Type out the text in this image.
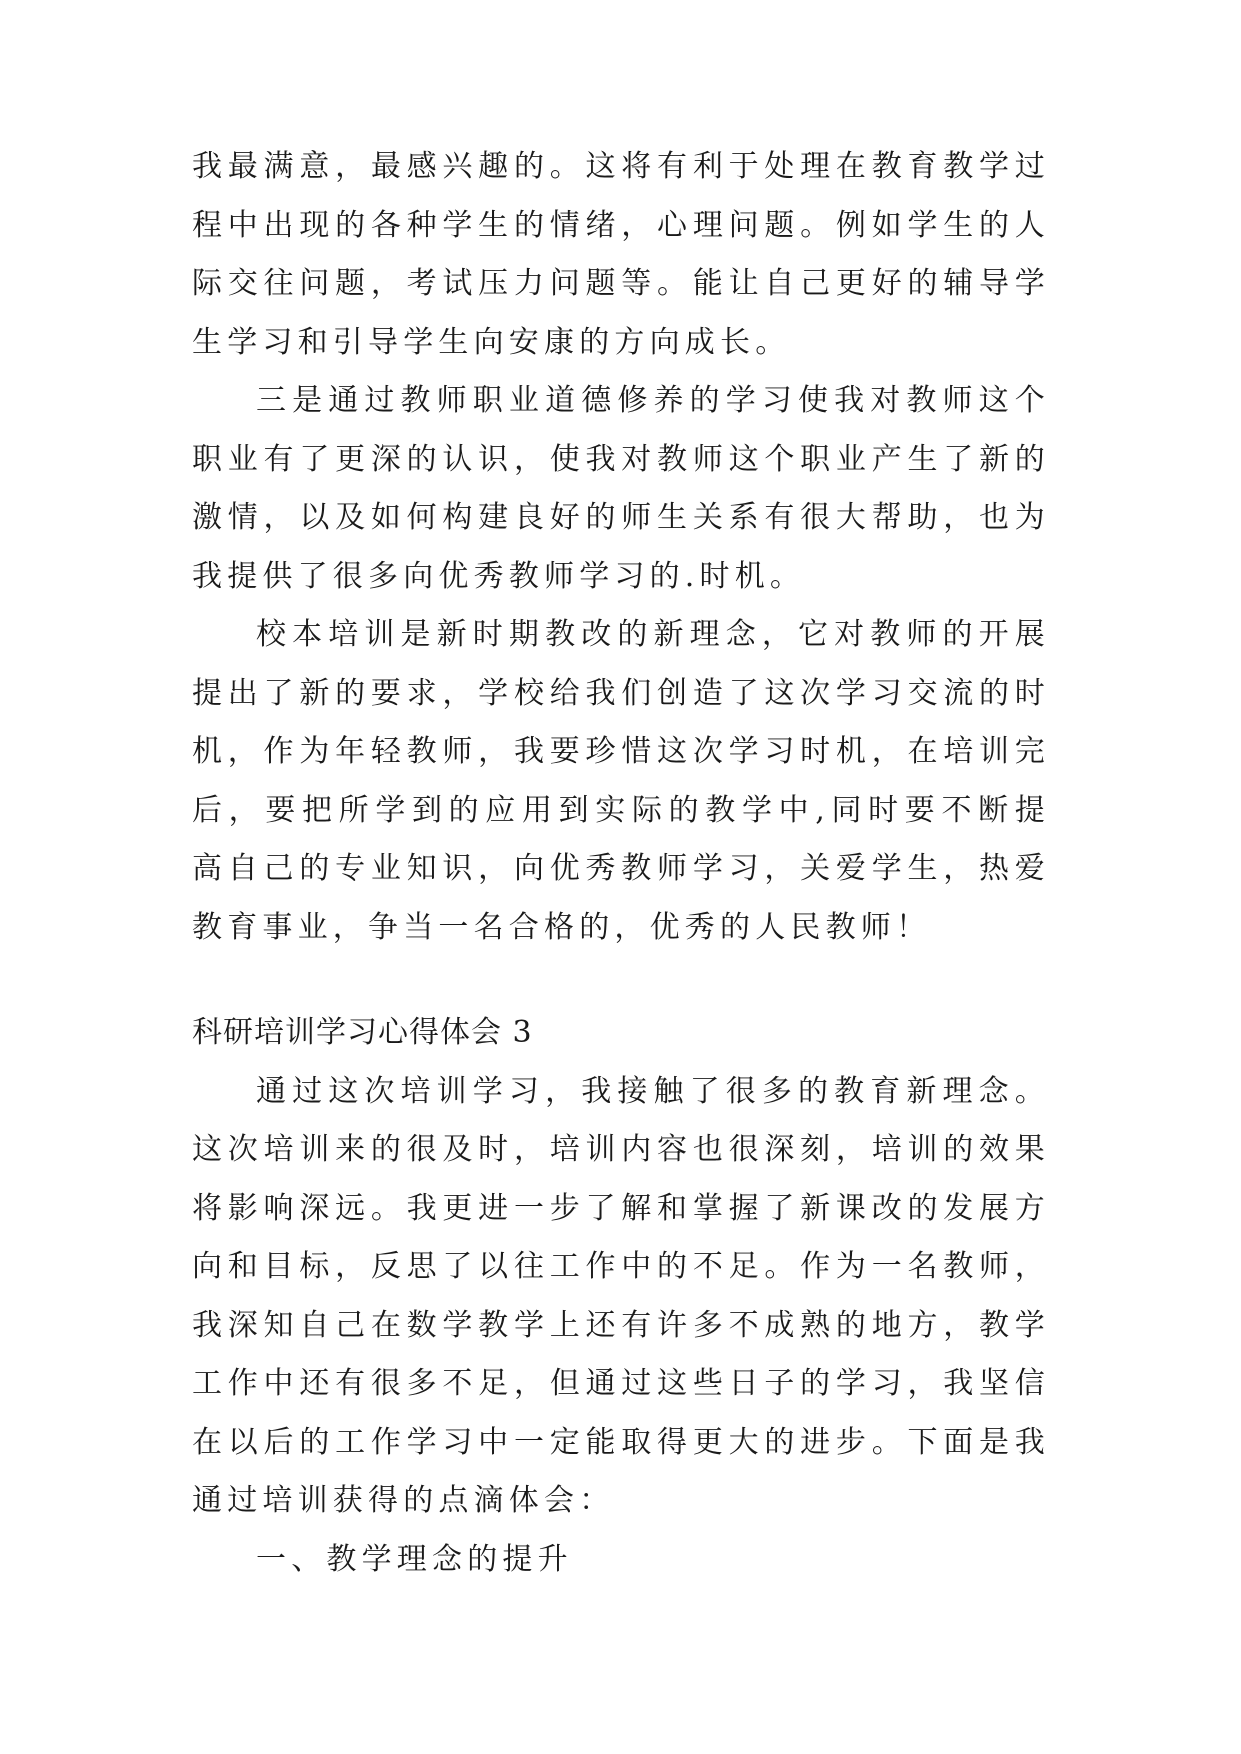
我最满意，最感兴趣的。这将有利于处理在教育教学过程中出现的各种学生的情绪，心理问题。例如学生的人际交往问题，考试压力问题等。能让自己更好的辅导学生学习和引导学生向安康的方向成长。

三是通过教师职业道德修养的学习使我对教师这个职业有了更深的认识，使我对教师这个职业产生了新的激情，以及如何构建良好的师生关系有很大帮助，也为我提供了很多向优秀教师学习的.时机。

校本培训是新时期教改的新理念，它对教师的开展提出了新的要求，学校给我们创造了这次学习交流的时机，作为年轻教师，我要珍惜这次学习时机，在培训完后，要把所学到的应用到实际的教学中,同时要不断提高自己的专业知识，向优秀教师学习，关爱学生，热爱教育事业，争当一名合格的，优秀的人民教师！

科研培训学习心得体会 3

通过这次培训学习，我接触了很多的教育新理念。这次培训来的很及时，培训内容也很深刻，培训的效果将影响深远。我更进一步了解和掌握了新课改的发展方向和目标，反思了以往工作中的不足。作为一名教师，我深知自己在数学教学上还有许多不成熟的地方，教学工作中还有很多不足，但通过这些日子的学习，我坚信在以后的工作学习中一定能取得更大的进步。下面是我通过培训获得的点滴体会：

一、教学理念的提升
